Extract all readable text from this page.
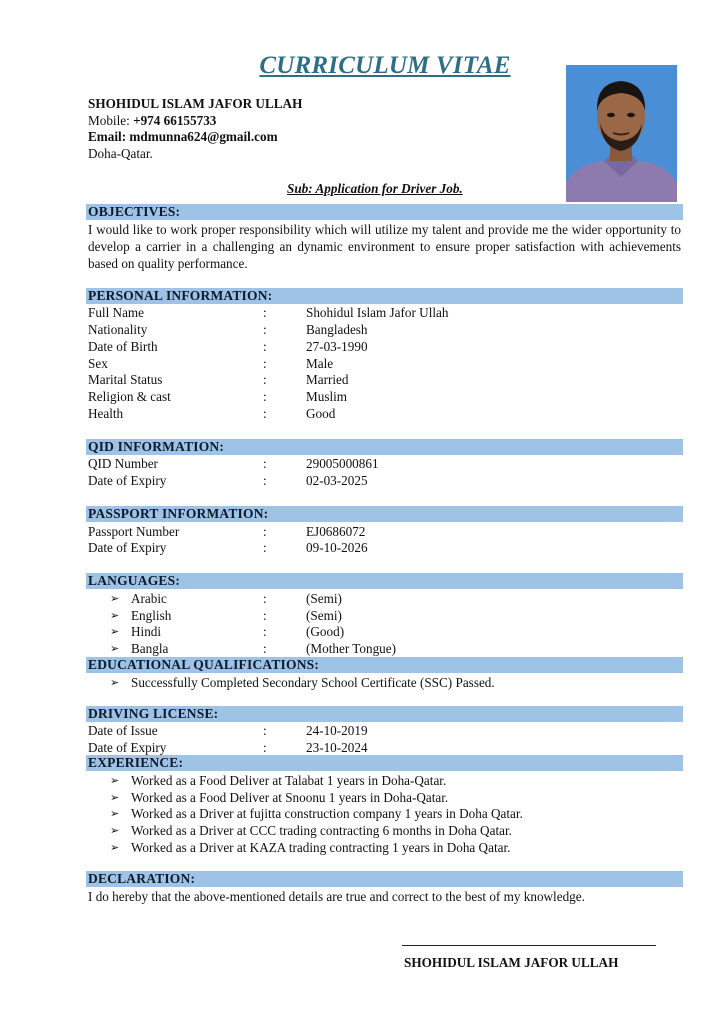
CURRICULUM VITAE
SHOHIDUL ISLAM JAFOR ULLAH
Mobile: +974 66155733
Email: mdmunna624@gmail.com
Doha-Qatar.
Sub: Application for Driver Job.
OBJECTIVES:
I would like to work proper responsibility which will utilize my talent and provide me the wider opportunity to develop a carrier in a challenging an dynamic environment to ensure proper satisfaction with achievements based on quality performance.
PERSONAL INFORMATION:
Full Name	:	Shohidul Islam Jafor Ullah
Nationality	:	Bangladesh
Date of Birth	:	27-03-1990
Sex	:	Male
Marital Status	:	Married
Religion & cast	:	Muslim
Health	:	Good
QID INFORMATION:
QID Number	:	29005000861
Date of Expiry	:	02-03-2025
PASSPORT INFORMATION:
Passport Number	:	EJ0686072
Date of Expiry	:	09-10-2026
LANGUAGES:
➢ Arabic	:	(Semi)
➢ English	:	(Semi)
➢ Hindi	:	(Good)
➢ Bangla	:	(Mother Tongue)
EDUCATIONAL QUALIFICATIONS:
➢ Successfully Completed Secondary School Certificate (SSC) Passed.
DRIVING LICENSE:
Date of Issue	:	24-10-2019
Date of Expiry	:	23-10-2024
EXPERIENCE:
➢ Worked as a Food Deliver at Talabat 1 years in Doha-Qatar.
➢ Worked as a Food Deliver at Snoonu 1 years in Doha-Qatar.
➢ Worked as a Driver at fujitta construction company 1 years in Doha Qatar.
➢ Worked as a Driver at CCC trading contracting 6 months in Doha Qatar.
➢ Worked as a Driver at KAZA trading contracting 1 years in Doha Qatar.
DECLARATION:
I do hereby that the above-mentioned details are true and correct to the best of my knowledge.
SHOHIDUL ISLAM JAFOR ULLAH
